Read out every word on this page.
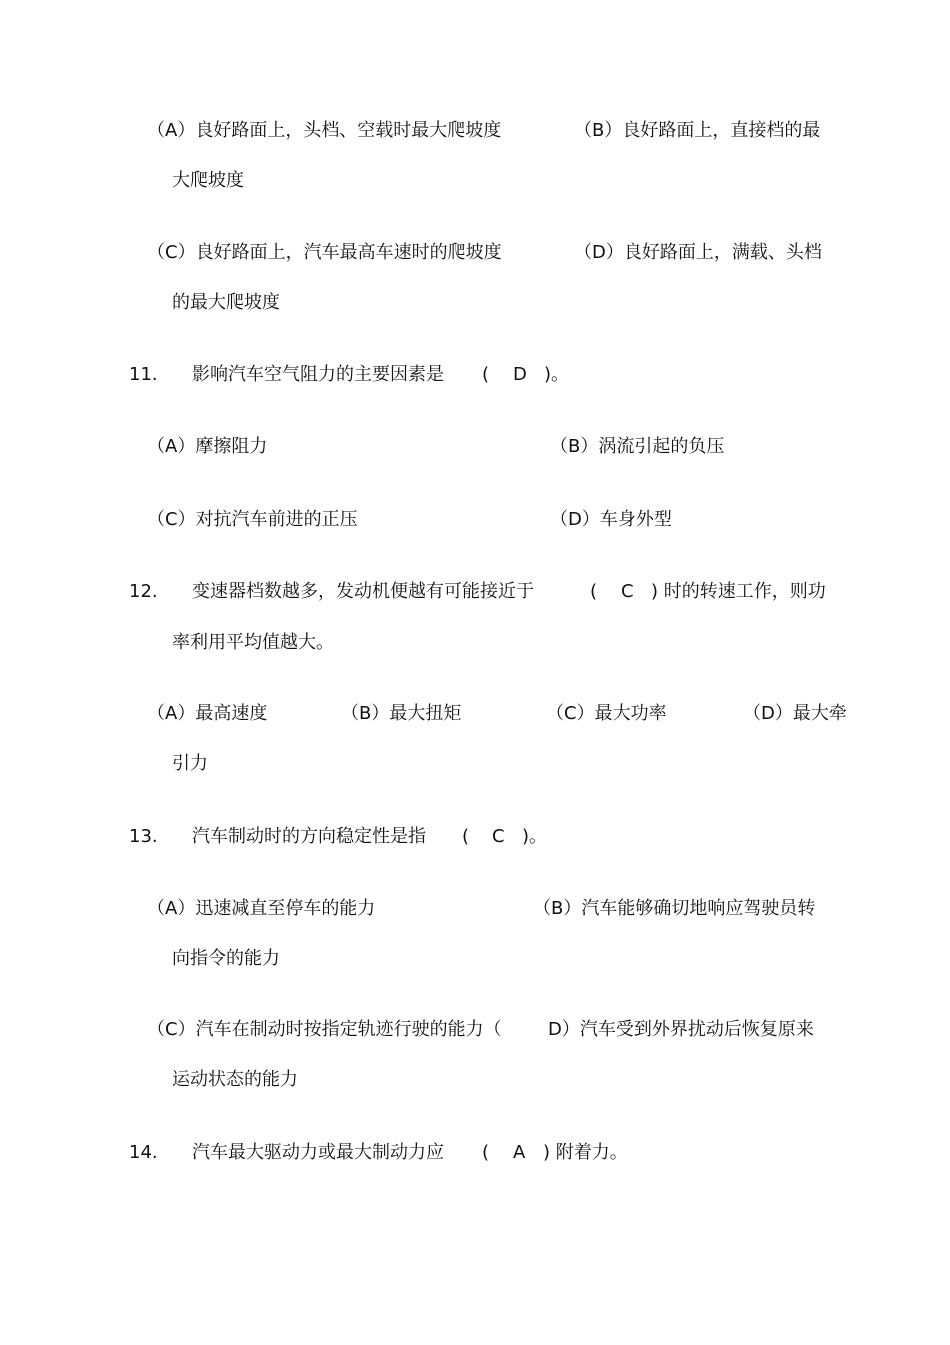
（A）良好路面上，头档、空载时最大爬坡度	（B）良好路面上，直接档的最
大爬坡度
（C）良好路面上，汽车最高车速时的爬坡度	（D）良好路面上，满载、头档
的最大爬坡度
11. 影响汽车空气阻力的主要因素是 ( D )。
（A）摩擦阻力	（B）涡流引起的负压
（C）对抗汽车前进的正压	（D）车身外型
12. 变速器档数越多，发动机便越有可能接近于	( C ) 时的转速工作，则功
率利用平均值越大。
（A）最高速度	（B）最大扭矩	（C）最大功率	（D）最大牵
引力
13. 汽车制动时的方向稳定性是指 ( C )。
（A）迅速减直至停车的能力	（B）汽车能够确切地响应驾驶员转
向指令的能力
（C）汽车在制动时按指定轨迹行驶的能力（	D）汽车受到外界扰动后恢复原来
运动状态的能力
14. 汽车最大驱动力或最大制动力应 ( A ) 附着力。
